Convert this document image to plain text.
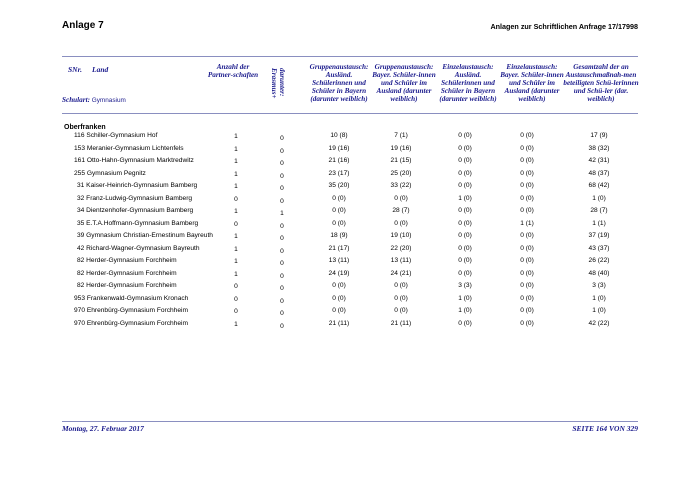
Anlage 7	Anlagen zur Schriftlichen Anfrage 17/17998
SNr. Land
Schulart: Gymnasium
Anzahl der Partner-schaften	darunter: Erasmus+
Gruppenaustausch: Ausländ. Schülerinnen und Schüler in Bayern (darunter weiblich)
Gruppenaustausch: Bayer. Schüler-innen und Schüler im Ausland (darunter weiblich)
Einzelaustausch: Ausländ. Schülerinnen und Schüler in Bayern (darunter weiblich)
Einzelaustausch: Bayer. Schüler-innen und Schüler im Ausland (darunter weiblich)
Gesamtzahl der an Austauschmaßnah-men beteiligten Schü-lerinnen und Schü-ler (dar. weiblich)
Oberfranken
116 Schiller-Gymnasium Hof	1	0	10 (8)	7 (1)	0 (0)	0 (0)	17 (9)
153 Meranier-Gymnasium Lichtenfels	1	0	19 (16)	19 (16)	0 (0)	0 (0)	38 (32)
161 Otto-Hahn-Gymnasium Marktredwitz	1	0	21 (16)	21 (15)	0 (0)	0 (0)	42 (31)
255 Gymnasium Pegnitz	1	0	23 (17)	25 (20)	0 (0)	0 (0)	48 (37)
31 Kaiser-Heinrich-Gymnasium Bamberg	1	0	35 (20)	33 (22)	0 (0)	0 (0)	68 (42)
32 Franz-Ludwig-Gymnasium Bamberg	0	0	0 (0)	0 (0)	1 (0)	0 (0)	1 (0)
34 Dientzenhofer-Gymnasium Bamberg	1	1	0 (0)	28 (7)	0 (0)	0 (0)	28 (7)
35 E.T.A.Hoffmann-Gymnasium Bamberg	0	0	0 (0)	0 (0)	0 (0)	1 (1)	1 (1)
39 Gymnasium Christian-Ernestinum Bayreuth	1	0	18 (9)	19 (10)	0 (0)	0 (0)	37 (19)
42 Richard-Wagner-Gymnasium Bayreuth	1	0	21 (17)	22 (20)	0 (0)	0 (0)	43 (37)
82 Herder-Gymnasium Forchheim	1	0	13 (11)	13 (11)	0 (0)	0 (0)	26 (22)
82 Herder-Gymnasium Forchheim	1	0	24 (19)	24 (21)	0 (0)	0 (0)	48 (40)
82 Herder-Gymnasium Forchheim	0	0	0 (0)	0 (0)	3 (3)	0 (0)	3 (3)
953 Frankenwald-Gymnasium Kronach	0	0	0 (0)	0 (0)	1 (0)	0 (0)	1 (0)
970 Ehrenbürg-Gymnasium Forchheim	0	0	0 (0)	0 (0)	1 (0)	0 (0)	1 (0)
970 Ehrenbürg-Gymnasium Forchheim	1	0	21 (11)	21 (11)	0 (0)	0 (0)	42 (22)
Montag, 27. Februar 2017	SEITE 164 VON 329
